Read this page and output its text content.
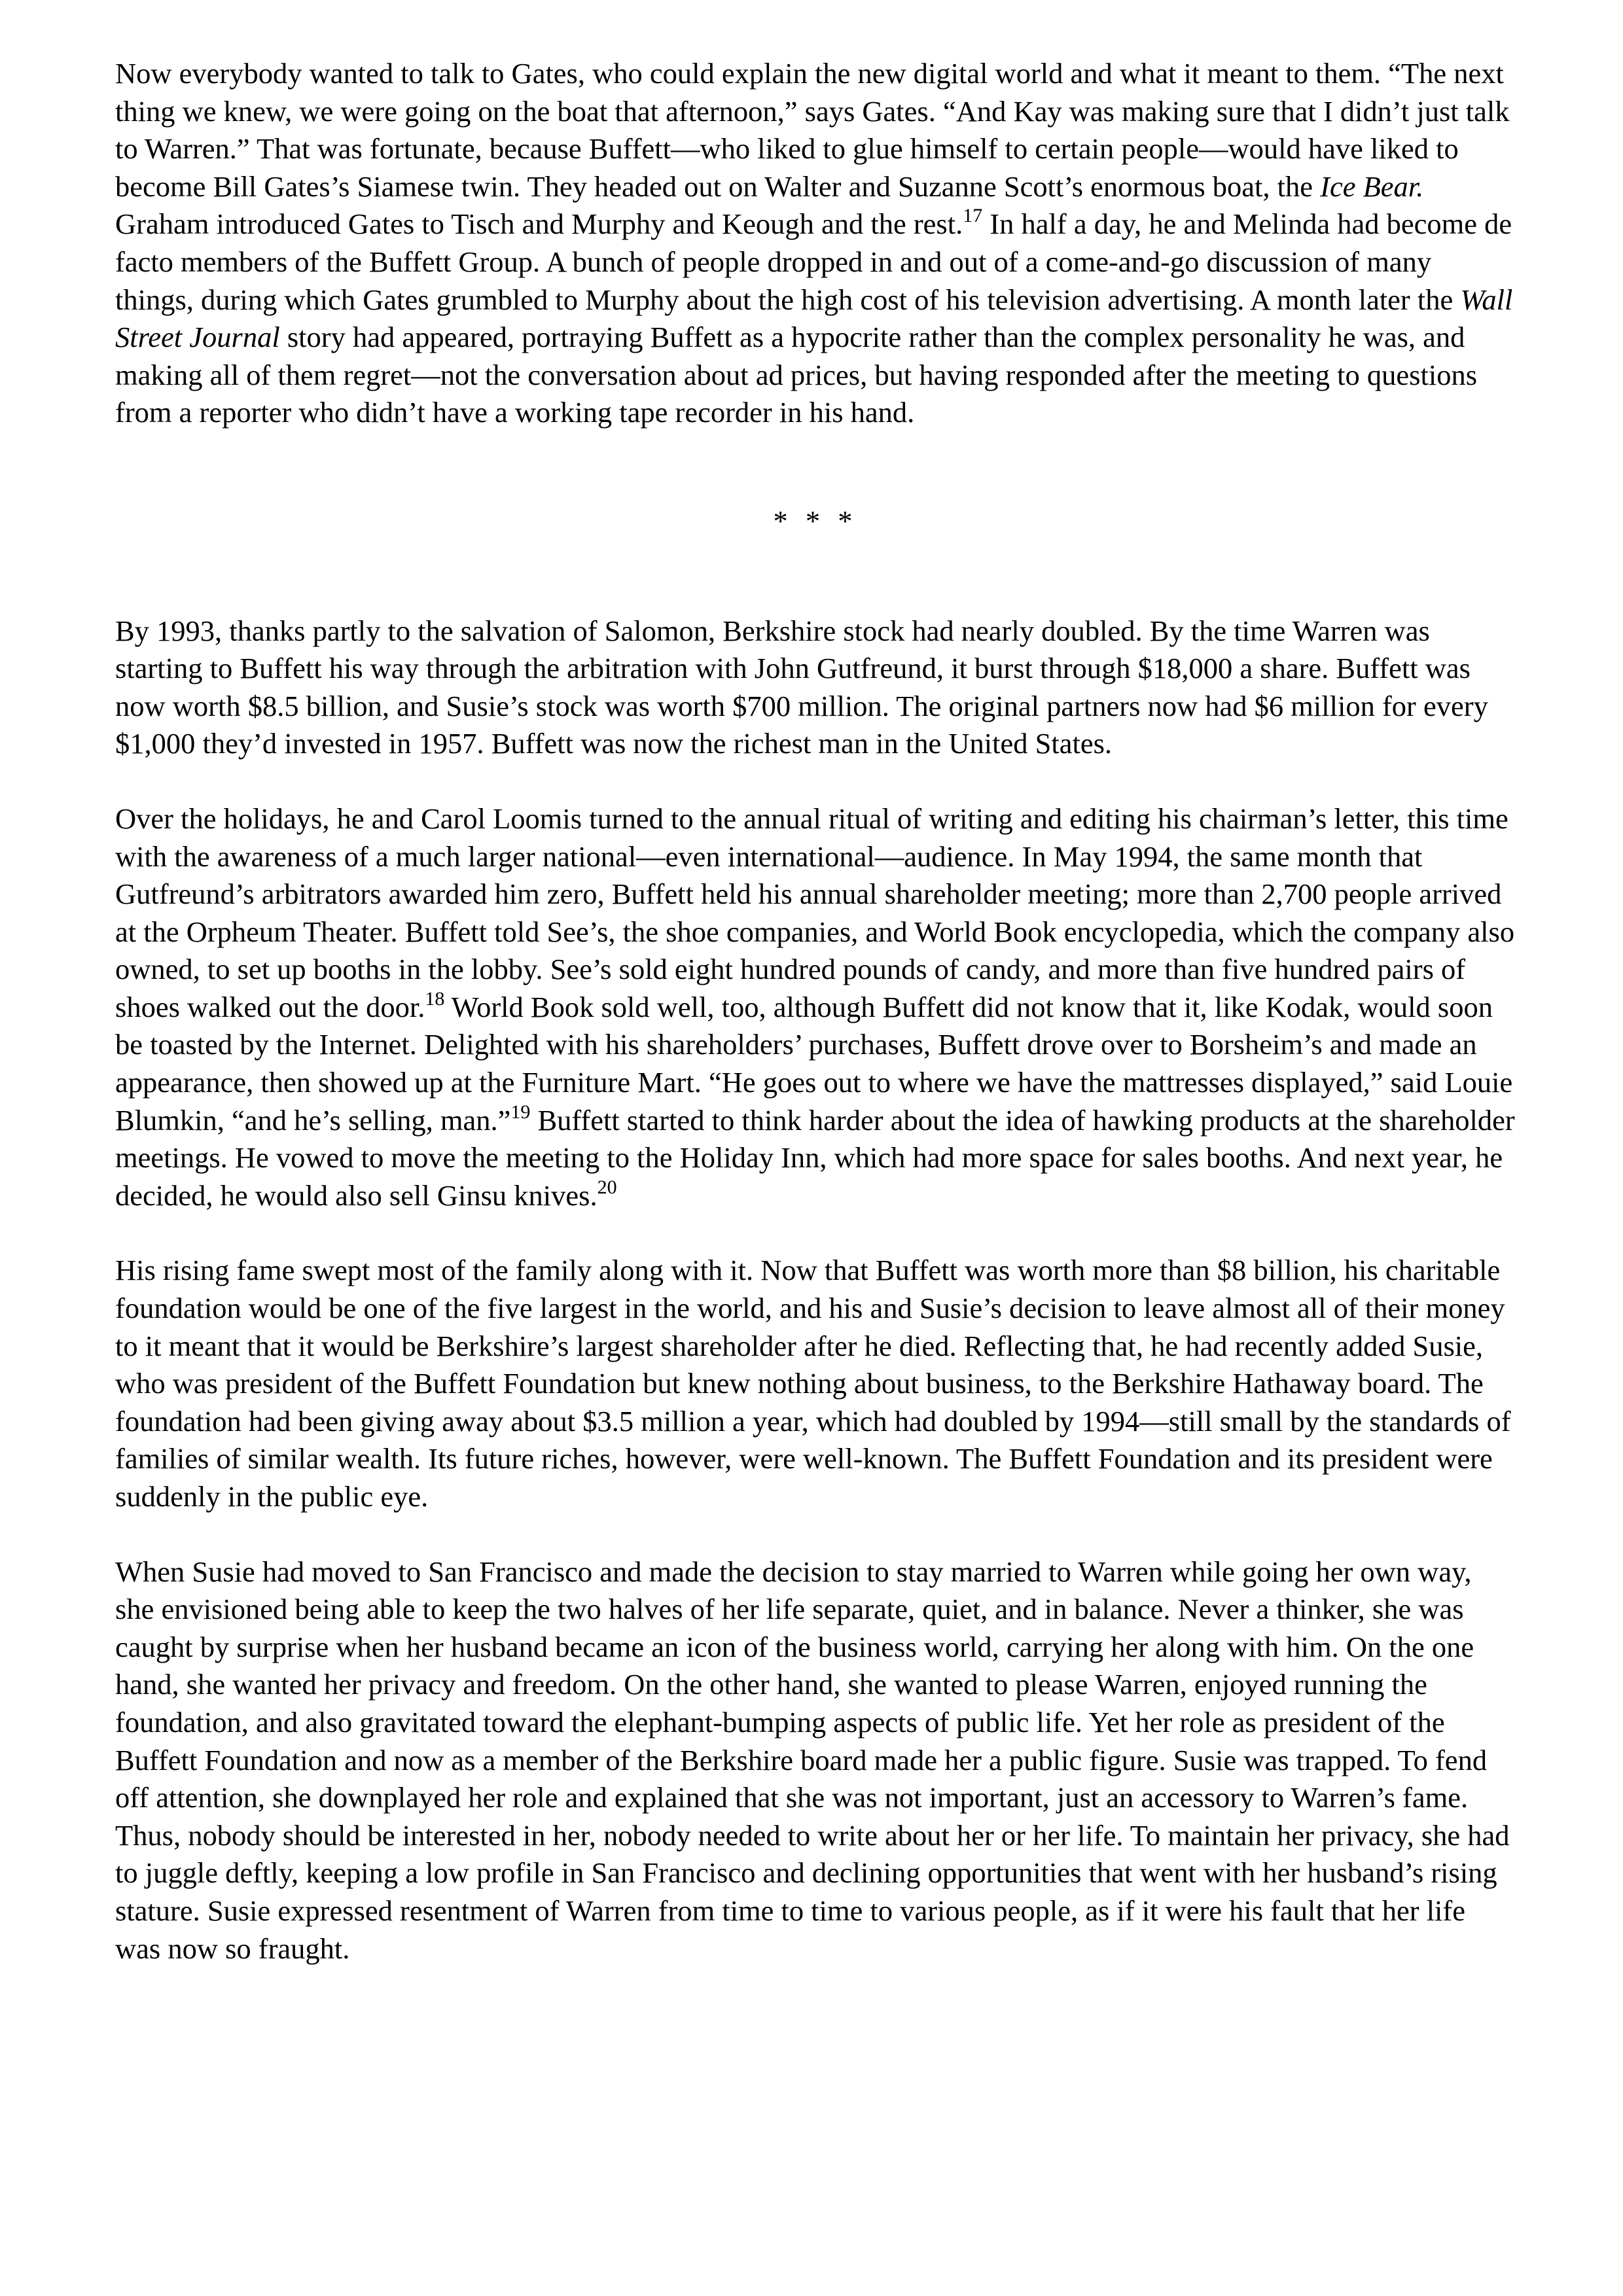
Now everybody wanted to talk to Gates, who could explain the new digital world and what it meant to them. “The next thing we knew, we were going on the boat that afternoon,” says Gates. “And Kay was making sure that I didn’t just talk to Warren.” That was fortunate, because Buffett—who liked to glue himself to certain people—would have liked to become Bill Gates’s Siamese twin. They headed out on Walter and Suzanne Scott’s enormous boat, the Ice Bear. Graham introduced Gates to Tisch and Murphy and Keough and the rest.$^{17}$ In half a day, he and Melinda had become de facto members of the Buffett Group. A bunch of people dropped in and out of a come-and-go discussion of many things, during which Gates grumbled to Murphy about the high cost of his television advertising. A month later the Wall Street Journal story had appeared, portraying Buffett as a hypocrite rather than the complex personality he was, and making all of them regret—not the conversation about ad prices, but having responded after the meeting to questions from a reporter who didn’t have a working tape recorder in his hand.

* * *

By 1993, thanks partly to the salvation of Salomon, Berkshire stock had nearly doubled. By the time Warren was starting to Buffett his way through the arbitration with John Gutfreund, it burst through $18,000 a share. Buffett was now worth $8.5 billion, and Susie’s stock was worth $700 million. The original partners now had $6 million for every $1,000 they’d invested in 1957. Buffett was now the richest man in the United States.

Over the holidays, he and Carol Loomis turned to the annual ritual of writing and editing his chairman’s letter, this time with the awareness of a much larger national—even international—audience. In May 1994, the same month that Gutfreund’s arbitrators awarded him zero, Buffett held his annual shareholder meeting; more than 2,700 people arrived at the Orpheum Theater. Buffett told See’s, the shoe companies, and World Book encyclopedia, which the company also owned, to set up booths in the lobby. See’s sold eight hundred pounds of candy, and more than five hundred pairs of shoes walked out the door.$^{18}$ World Book sold well, too, although Buffett did not know that it, like Kodak, would soon be toasted by the Internet. Delighted with his shareholders’ purchases, Buffett drove over to Borsheim’s and made an appearance, then showed up at the Furniture Mart. “He goes out to where we have the mattresses displayed,” said Louie Blumkin, “and he’s selling, man.”$^{19}$ Buffett started to think harder about the idea of hawking products at the shareholder meetings. He vowed to move the meeting to the Holiday Inn, which had more space for sales booths. And next year, he decided, he would also sell Ginsu knives.$^{20}$

His rising fame swept most of the family along with it. Now that Buffett was worth more than $8 billion, his charitable foundation would be one of the five largest in the world, and his and Susie’s decision to leave almost all of their money to it meant that it would be Berkshire’s largest shareholder after he died. Reflecting that, he had recently added Susie, who was president of the Buffett Foundation but knew nothing about business, to the Berkshire Hathaway board. The foundation had been giving away about $3.5 million a year, which had doubled by 1994—still small by the standards of families of similar wealth. Its future riches, however, were well-known. The Buffett Foundation and its president were suddenly in the public eye.

When Susie had moved to San Francisco and made the decision to stay married to Warren while going her own way, she envisioned being able to keep the two halves of her life separate, quiet, and in balance. Never a thinker, she was caught by surprise when her husband became an icon of the business world, carrying her along with him. On the one hand, she wanted her privacy and freedom. On the other hand, she wanted to please Warren, enjoyed running the foundation, and also gravitated toward the elephant-bumping aspects of public life. Yet her role as president of the Buffett Foundation and now as a member of the Berkshire board made her a public figure. Susie was trapped. To fend off attention, she downplayed her role and explained that she was not important, just an accessory to Warren’s fame. Thus, nobody should be interested in her, nobody needed to write about her or her life. To maintain her privacy, she had to juggle deftly, keeping a low profile in San Francisco and declining opportunities that went with her husband’s rising stature. Susie expressed resentment of Warren from time to time to various people, as if it were his fault that her life was now so fraught.
